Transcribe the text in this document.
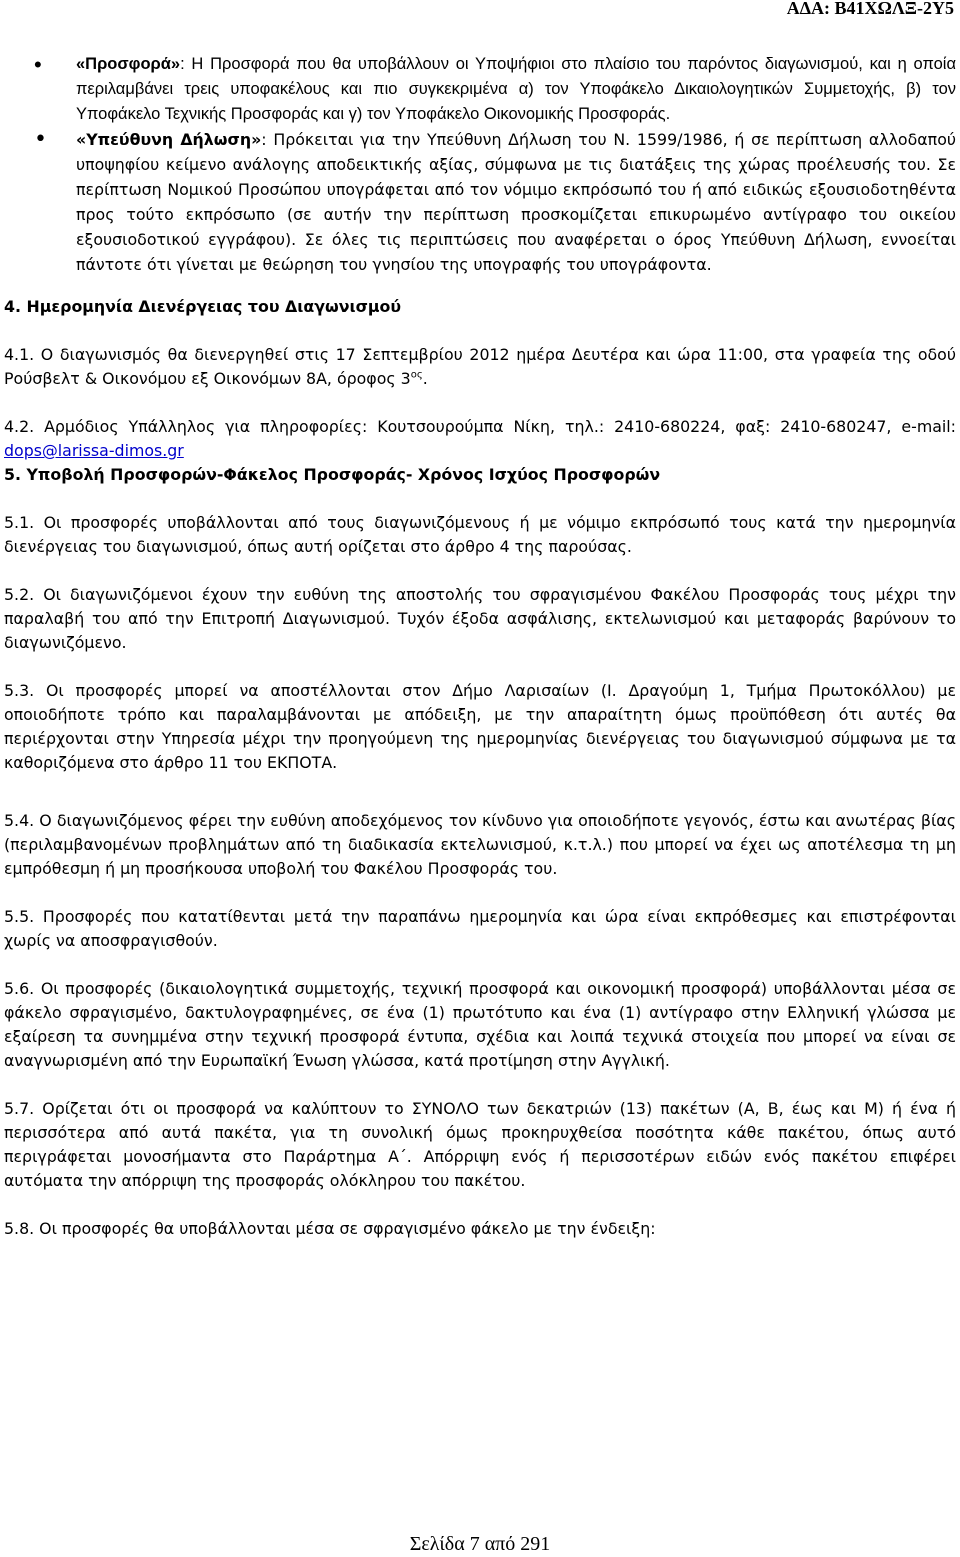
ΑΔΑ: Β41ΧΩΛΞ-2Υ5
• «Προσφορά»: Η Προσφορά που θα υποβάλλουν οι Υποψήφιοι στο πλαίσιο του παρόντος διαγωνισμού, και η οποία περιλαμβάνει τρεις υποφακέλους και πιο συγκεκριμένα α) τον Υποφάκελο Δικαιολογητικών Συμμετοχής, β) τον Υποφάκελο Τεχνικής Προσφοράς και γ) τον Υποφάκελο Οικονομικής Προσφοράς.
• «Υπεύθυνη Δήλωση»: Πρόκειται για την Υπεύθυνη Δήλωση του Ν. 1599/1986, ή σε περίπτωση αλλοδαπού υποψηφίου κείμενο ανάλογης αποδεικτικής αξίας, σύμφωνα με τις διατάξεις της χώρας προέλευσής του. Σε περίπτωση Νομικού Προσώπου υπογράφεται από τον νόμιμο εκπρόσωπό του ή από ειδικώς εξουσιοδοτηθέντα προς τούτο εκπρόσωπο (σε αυτήν την περίπτωση προσκομίζεται επικυρωμένο αντίγραφο του οικείου εξουσιοδοτικού εγγράφου). Σε όλες τις περιπτώσεις που αναφέρεται ο όρος Υπεύθυνη Δήλωση, εννοείται πάντοτε ότι γίνεται με θεώρηση του γνησίου της υπογραφής του υπογράφοντα.

4. Ημερομηνία Διενέργειας του Διαγωνισμού

4.1. Ο διαγωνισμός θα διενεργηθεί στις 17 Σεπτεμβρίου 2012 ημέρα Δευτέρα και ώρα 11:00, στα γραφεία της οδού Ρούσβελτ & Οικονόμου εξ Οικονόμων 8Α, όροφος $3^{o\varsigma}$.

4.2. Αρμόδιος Υπάλληλος για πληροφορίες: Κουτσουρούμπα Νίκη, τηλ.: 2410-680224, φαξ: 2410-680247, e-mail: dops@larissa-dimos.gr

5. Υποβολή Προσφορών-Φάκελος Προσφοράς- Χρόνος Ισχύος Προσφορών

5.1. Οι προσφορές υποβάλλονται από τους διαγωνιζόμενους ή με νόμιμο εκπρόσωπό τους κατά την ημερομηνία διενέργειας του διαγωνισμού, όπως αυτή ορίζεται στο άρθρο 4 της παρούσας.

5.2. Οι διαγωνιζόμενοι έχουν την ευθύνη της αποστολής του σφραγισμένου Φακέλου Προσφοράς τους μέχρι την παραλαβή του από την Επιτροπή Διαγωνισμού. Τυχόν έξοδα ασφάλισης, εκτελωνισμού και μεταφοράς βαρύνουν το διαγωνιζόμενο.

5.3. Οι προσφορές μπορεί να αποστέλλονται στον Δήμο Λαρισαίων (Ι. Δραγούμη 1, Τμήμα Πρωτοκόλλου) με οποιοδήποτε τρόπο και παραλαμβάνονται με απόδειξη, με την απαραίτητη όμως προϋπόθεση ότι αυτές θα περιέρχονται στην Υπηρεσία μέχρι την προηγούμενη της ημερομηνίας διενέργειας του διαγωνισμού σύμφωνα με τα καθοριζόμενα στο άρθρο 11 του ΕΚΠΟΤΑ.

5.4. Ο διαγωνιζόμενος φέρει την ευθύνη αποδεχόμενος τον κίνδυνο για οποιοδήποτε γεγονός, έστω και ανωτέρας βίας (περιλαμβανομένων προβλημάτων από τη διαδικασία εκτελωνισμού, κ.τ.λ.) που μπορεί να έχει ως αποτέλεσμα τη μη εμπρόθεσμη ή μη προσήκουσα υποβολή του Φακέλου Προσφοράς του.

5.5. Προσφορές που κατατίθενται μετά την παραπάνω ημερομηνία και ώρα είναι εκπρόθεσμες και επιστρέφονται χωρίς να αποσφραγισθούν.

5.6. Οι προσφορές (δικαιολογητικά συμμετοχής, τεχνική προσφορά και οικονομική προσφορά) υποβάλλονται μέσα σε φάκελο σφραγισμένο, δακτυλογραφημένες, σε ένα (1) πρωτότυπο και ένα (1) αντίγραφο στην Ελληνική γλώσσα με εξαίρεση τα συνημμένα στην τεχνική προσφορά έντυπα, σχέδια και λοιπά τεχνικά στοιχεία που μπορεί να είναι σε αναγνωρισμένη από την Ευρωπαϊκή Ένωση γλώσσα, κατά προτίμηση στην Αγγλική.

5.7. Ορίζεται ότι οι προσφορά να καλύπτουν το ΣΥΝΟΛΟ των δεκατριών (13) πακέτων (Α, Β, έως και Μ) ή ένα ή περισσότερα από αυτά πακέτα, για τη συνολική όμως προκηρυχθείσα ποσότητα κάθε πακέτου, όπως αυτό περιγράφεται μονοσήμαντα στο Παράρτημα Α΄. Απόρριψη ενός ή περισσοτέρων ειδών ενός πακέτου επιφέρει αυτόματα την απόρριψη της προσφοράς ολόκληρου του πακέτου.

5.8. Οι προσφορές θα υποβάλλονται μέσα σε σφραγισμένο φάκελο με την ένδειξη:

Σελίδα 7 από 291
